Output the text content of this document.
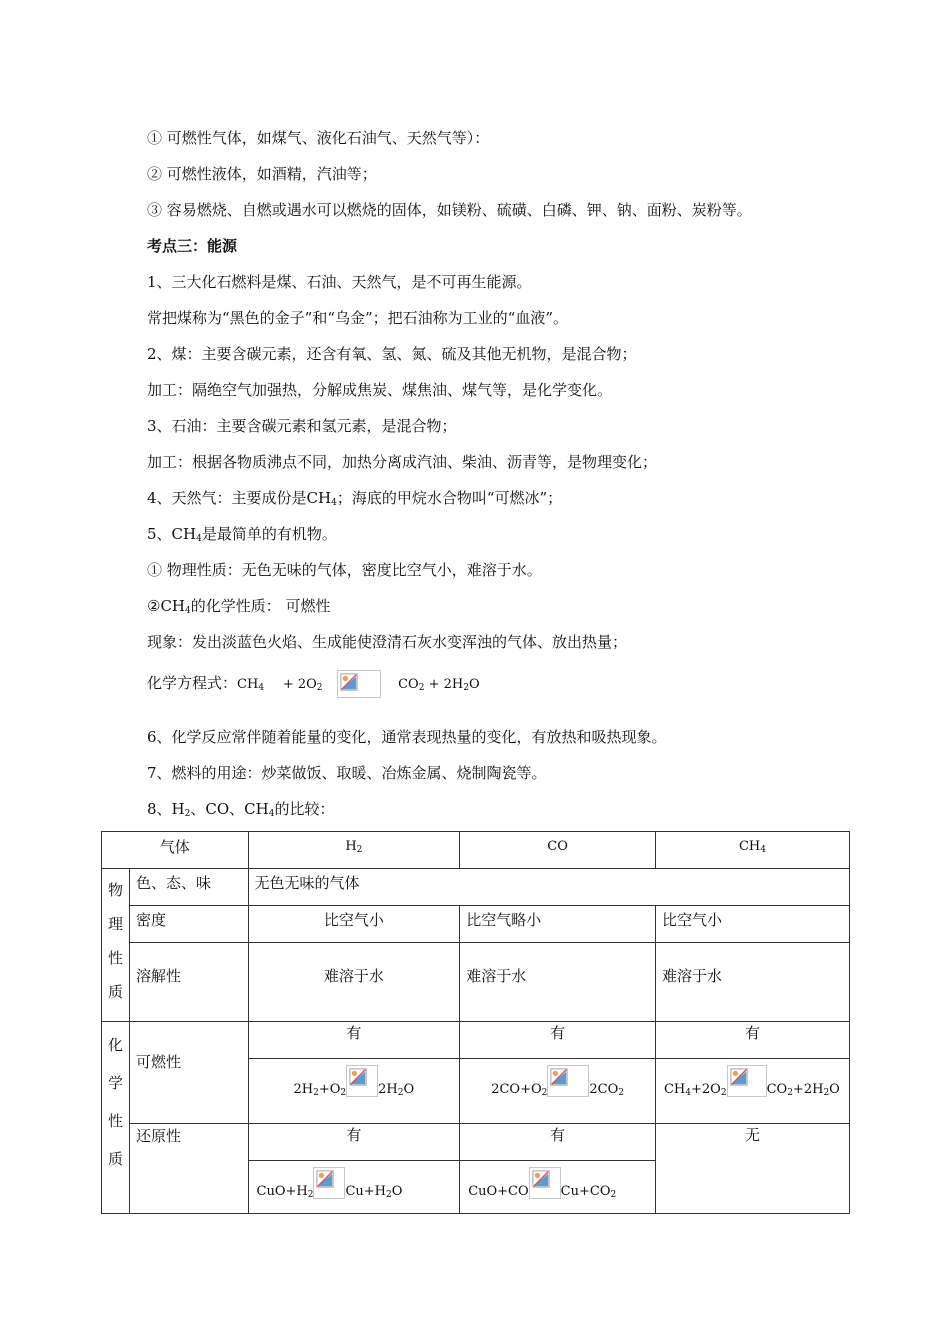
① 可燃性气体，如煤气、液化石油气、天然气等）：
② 可燃性液体，如酒精，汽油等；
③ 容易燃烧、自燃或遇水可以燃烧的固体，如镁粉、硫磺、白磷、钾、钠、面粉、炭粉等。
考点三：能源
1、三大化石燃料是煤、石油、天然气，是不可再生能源。
常把煤称为“黑色的金子”和“乌金”；把石油称为工业的“血液”。
2、煤：主要含碳元素，还含有氧、氢、氮、硫及其他无机物，是混合物；
加工：隔绝空气加强热，分解成焦炭、煤焦油、煤气等，是化学变化。
3、石油：主要含碳元素和氢元素，是混合物；
加工：根据各物质沸点不同，加热分离成汽油、柴油、沥青等，是物理变化；
4、天然气：主要成份是$CH_4$；海底的甲烷水合物叫“可燃冰”；
5、$CH_4$是最简单的有机物。
① 物理性质：无色无味的气体，密度比空气小，难溶于水。
$②CH_4$的化学性质： 可燃性
现象：发出淡蓝色火焰、生成能使澄清石灰水变浑浊的气体、放出热量；
化学方程式：$CH_4 + 2O_2$	$CO_2 + 2H_2O$
6、化学反应常伴随着能量的变化，通常表现热量的变化，有放热和吸热现象。
7、燃料的用途：炒菜做饭、取暖、冶炼金属、烧制陶瓷等。
8、$H_2$、CO、$CH_4$的比较：
气体		$H_2$	CO	$CH_4$

物
理
性
质	色、态、味	无色无味的气体		
	密度	比空气小	比空气略小	比空气小
	溶解性	难溶于水	难溶于水	难溶于水

化
学
性
质	可燃性	有	有	有
		$2H_2+O_2$ $2H_2O$	$2CO+O_2$ $2CO_2$	$CH_4+2O_2$ $CO_2+2H_2O$
	还原性	有	有	无
		$CuO+H_2$ $Cu+H_2O$	CuO+CO $Cu+CO_2$
